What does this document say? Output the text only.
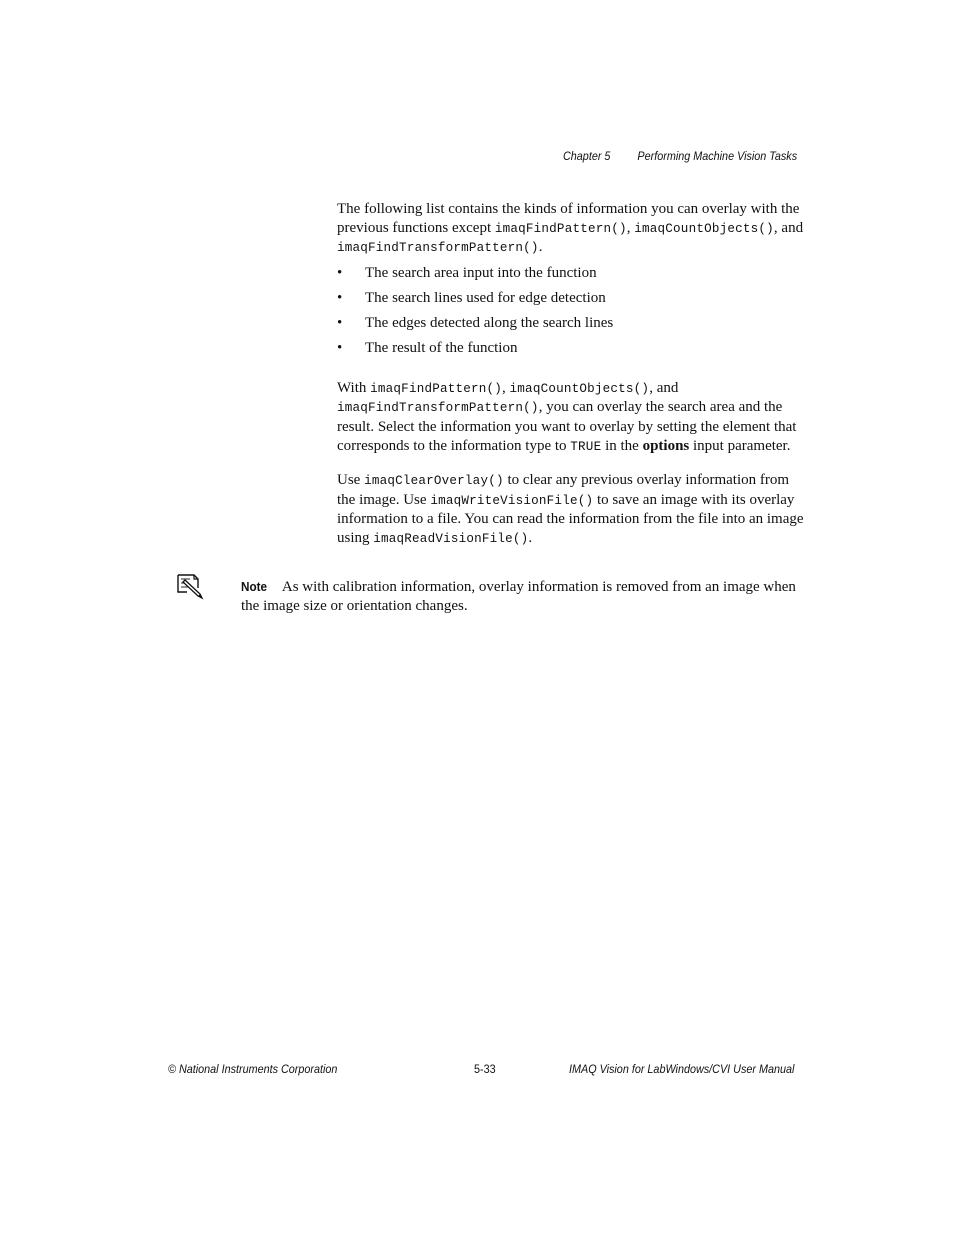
Chapter 5 Performing Machine Vision Tasks

The following list contains the kinds of information you can overlay with the previous functions except imaqFindPattern(), imaqCountObjects(), and imaqFindTransformPattern().

• The search area input into the function
• The search lines used for edge detection
• The edges detected along the search lines
• The result of the function

With imaqFindPattern(), imaqCountObjects(), and imaqFindTransformPattern(), you can overlay the search area and the result. Select the information you want to overlay by setting the element that corresponds to the information type to TRUE in the options input parameter.

Use imaqClearOverlay() to clear any previous overlay information from the image. Use imaqWriteVisionFile() to save an image with its overlay information to a file. You can read the information from the file into an image using imaqReadVisionFile().

Note As with calibration information, overlay information is removed from an image when the image size or orientation changes.
© National Instruments Corporation	5-33	IMAQ Vision for LabWindows/CVI User Manual
